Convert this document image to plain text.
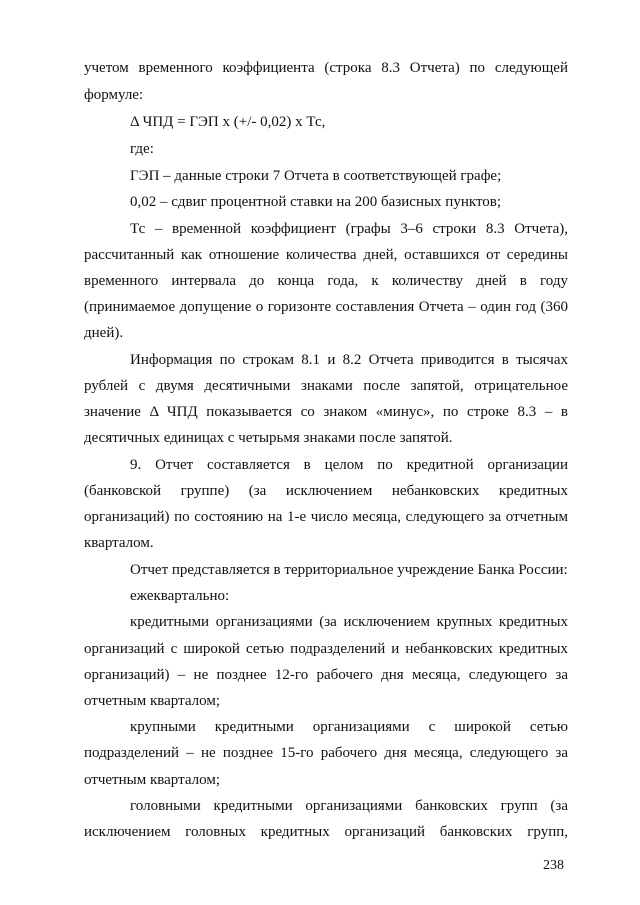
учетом временного коэффициента (строка 8.3 Отчета) по следующей
формуле:
Δ ЧПД = ГЭП x (+/- 0,02) x Тс,
где:
ГЭП – данные строки 7 Отчета в соответствующей графе;
0,02 – сдвиг процентной ставки на 200 базисных пунктов;
Тс – временной коэффициент (графы 3–6 строки 8.3 Отчета),
рассчитанный как отношение количества дней, оставшихся от середины
временного интервала до конца года, к количеству дней в году
(принимаемое допущение о горизонте составления Отчета – один год (360
дней).
Информация по строкам 8.1 и 8.2 Отчета приводится в тысячах
рублей с двумя десятичными знаками после запятой, отрицательное
значение Δ ЧПД показывается со знаком «минус», по строке 8.3 – в
десятичных единицах с четырьмя знаками после запятой.
9. Отчет составляется в целом по кредитной организации
(банковской группе) (за исключением небанковских кредитных
организаций) по состоянию на 1-е число месяца, следующего за отчетным
кварталом.
Отчет представляется в территориальное учреждение Банка России:
ежеквартально:
кредитными организациями (за исключением крупных кредитных
организаций с широкой сетью подразделений и небанковских кредитных
организаций) – не позднее 12-го рабочего дня месяца, следующего за
отчетным кварталом;
крупными кредитными организациями с широкой сетью
подразделений – не позднее 15-го рабочего дня месяца, следующего за
отчетным кварталом;
головными кредитными организациями банковских групп (за
исключением головных кредитных организаций банковских групп,
238
